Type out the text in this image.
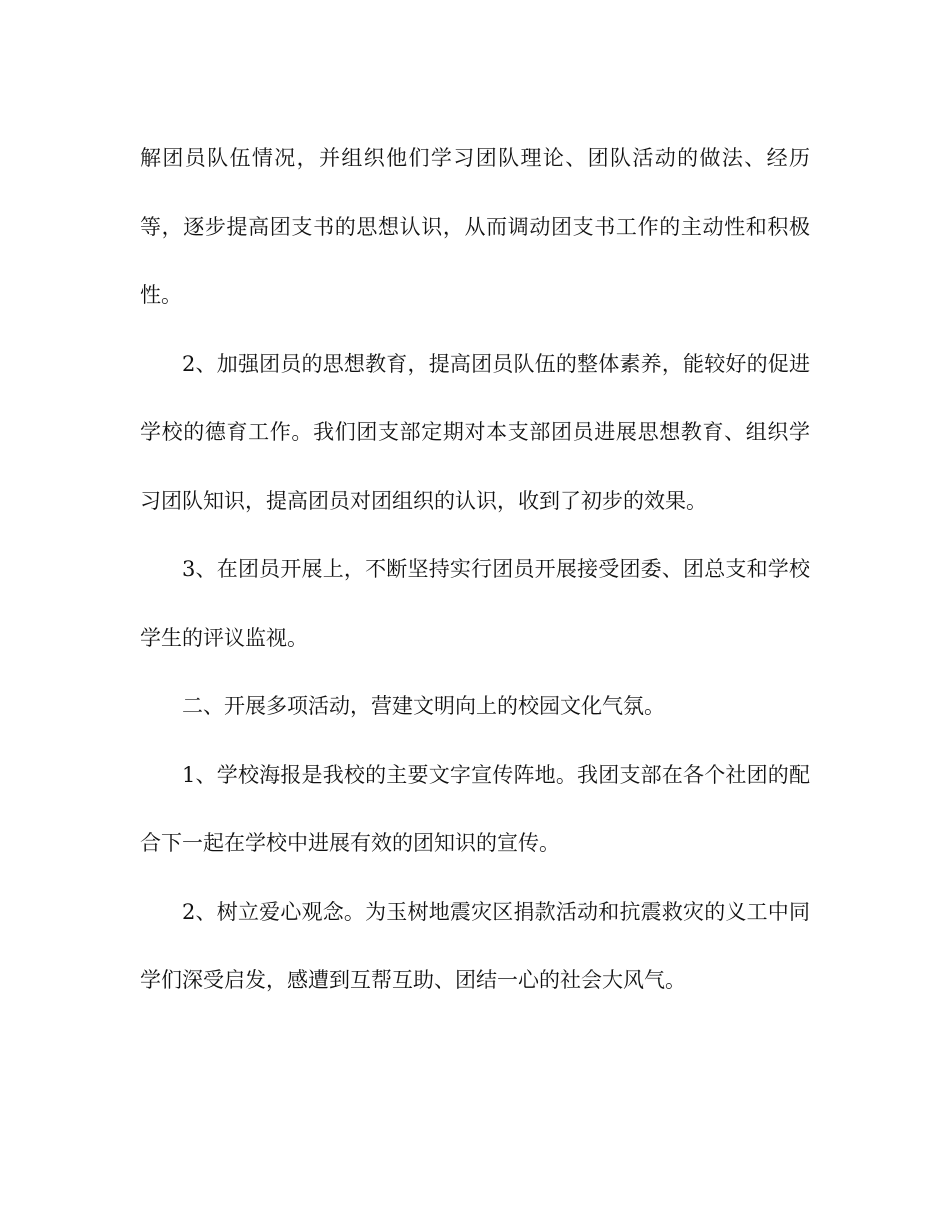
解团员队伍情况，并组织他们学习团队理论、团队活动的做法、经历等，逐步提高团支书的思想认识，从而调动团支书工作的主动性和积极性。

2、加强团员的思想教育，提高团员队伍的整体素养，能较好的促进学校的德育工作。我们团支部定期对本支部团员进展思想教育、组织学习团队知识，提高团员对团组织的认识，收到了初步的效果。

3、在团员开展上，不断坚持实行团员开展接受团委、团总支和学校学生的评议监视。

二、开展多项活动，营建文明向上的校园文化气氛。

1、学校海报是我校的主要文字宣传阵地。我团支部在各个社团的配合下一起在学校中进展有效的团知识的宣传。

2、树立爱心观念。为玉树地震灾区捐款活动和抗震救灾的义工中同学们深受启发，感遭到互帮互助、团结一心的社会大风气。
